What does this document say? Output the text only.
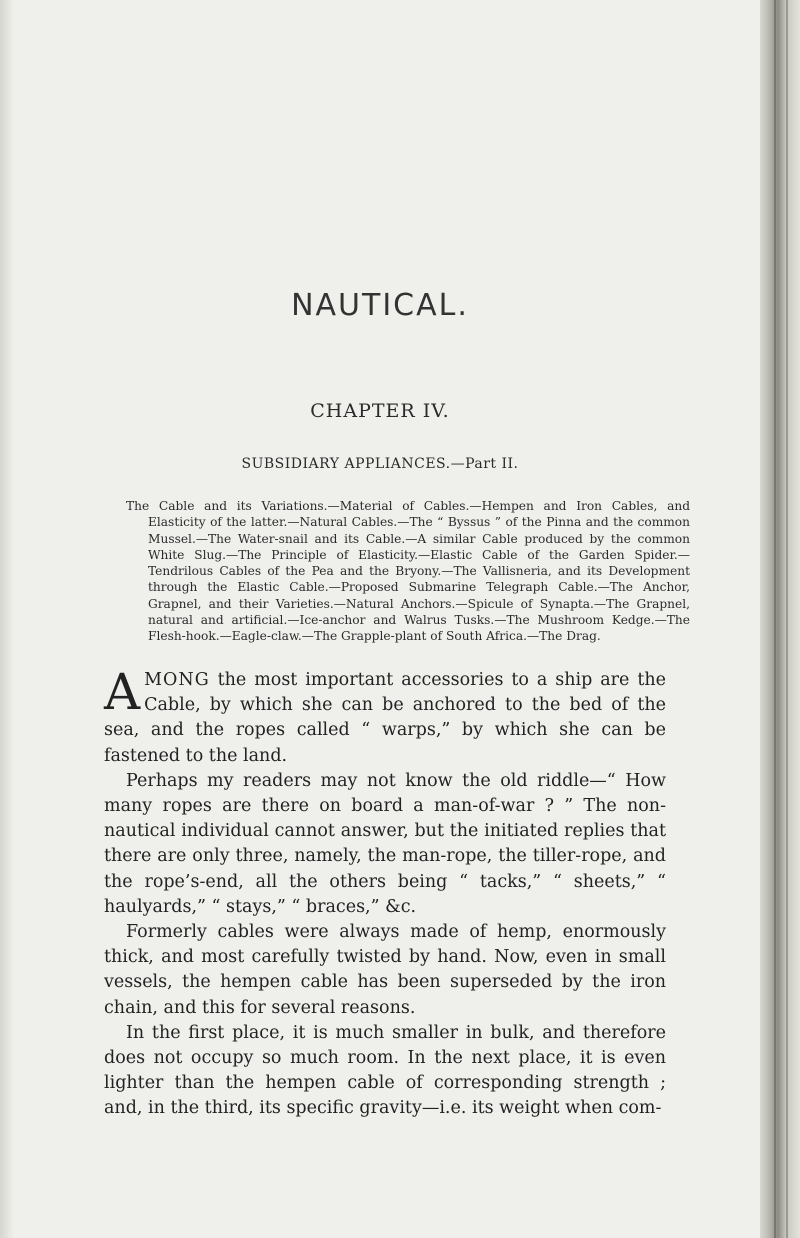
NAUTICAL.
CHAPTER IV.
SUBSIDIARY APPLIANCES.—Part II.
The Cable and its Variations.—Material of Cables.—Hempen and Iron Cables, and Elasticity of the latter.—Natural Cables.—The “ Byssus ” of the Pinna and the common Mussel.—The Water-snail and its Cable.—A similar Cable produced by the common White Slug.—The Principle of Elasticity.—Elastic Cable of the Garden Spider.—Tendrilous Cables of the Pea and the Bryony.—The Vallisneria, and its Development through the Elastic Cable.—Proposed Submarine Telegraph Cable.—The Anchor, Grapnel, and their Varieties.—Natural Anchors.—Spicule of Synapta.—The Grapnel, natural and artificial.—Ice-anchor and Walrus Tusks.—The Mushroom Kedge.—The Flesh-hook.—Eagle-claw.—The Grapple-plant of South Africa.—The Drag.

AMONG the most important accessories to a ship are the Cable, by which she can be anchored to the bed of the sea, and the ropes called “ warps,” by which she can be fastened to the land.

Perhaps my readers may not know the old riddle—“ How many ropes are there on board a man-of-war ? ” The non-nautical individual cannot answer, but the initiated replies that there are only three, namely, the man-rope, the tiller-rope, and the rope’s-end, all the others being “ tacks,” “ sheets,” “ haulyards,” “ stays,” “ braces,” &c.

Formerly cables were always made of hemp, enormously thick, and most carefully twisted by hand. Now, even in small vessels, the hempen cable has been superseded by the iron chain, and this for several reasons.

In the first place, it is much smaller in bulk, and therefore does not occupy so much room. In the next place, it is even lighter than the hempen cable of corresponding strength ; and, in the third, its specific gravity—i.e. its weight when com-
